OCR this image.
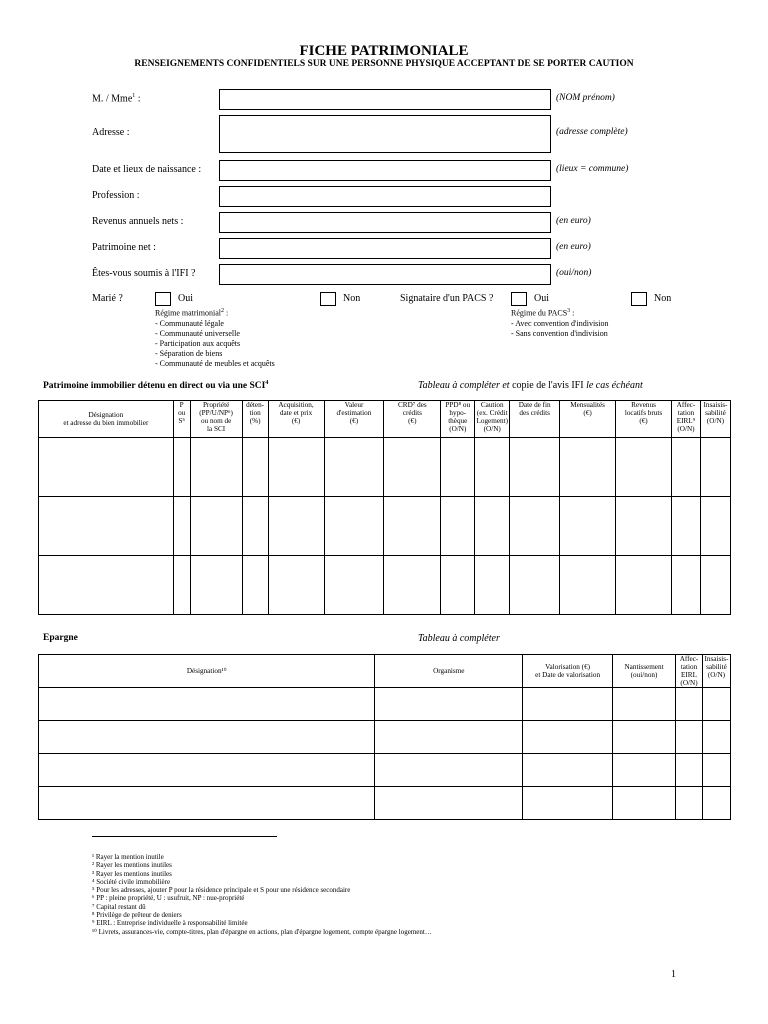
FICHE PATRIMONIALE
RENSEIGNEMENTS CONFIDENTIELS SUR UNE PERSONNE PHYSIQUE ACCEPTANT DE SE PORTER CAUTION
M. / Mme$^1$ :	(NOM prénom)
Adresse :	(adresse complète)
Date et lieux de naissance :	(lieux = commune)
Profession :
Revenus annuels nets :	(en euro)
Patrimoine net :	(en euro)
Êtes-vous soumis à l'IFI ?	(oui/non)
Marié ?	Oui	Non	Signataire d'un PACS ?	Oui	Non
Régime matrimonial$^2$ :
- Communauté légale
- Communauté universelle
- Participation aux acquêts
- Séparation de biens
- Communauté de meubles et acquêts
Régime du PACS$^3$ :
- Avec convention d'indivision
- Sans convention d'indivision
Patrimoine immobilier détenu en direct ou via une SCI$^4$	Tableau à compléter et copie de l'avis IFI le cas échéant
Désignation
et adresse du bien immobilier	P
ou
S⁵	Propriété
(PP/U/NP⁶)
ou nom de
la SCI	déten-
tion
(%)	Acquisition,
date et prix
(€)	Valeur
d'estimation
(€)	CRD⁷ des
crédits
(€)	PPD⁸ ou
hypo-
thèque
(O/N)	Caution
(ex. Crédit
Logement)
(O/N)	Date de fin
des crédits	Mensualités
(€)	Revenus
locatifs bruts
(€)	Affec-
tation
EIRL⁹
(O/N)	Insaisis-
sabilité
(O/N)

Epargne	Tableau à compléter
Désignation¹⁰	Organisme	Valorisation (€)
et Date de valorisation	Nantissement
(oui/non)	Affec-
tation
EIRL
(O/N)	Insaisis-
sabilité
(O/N)

¹ Rayer la mention inutile
² Rayer les mentions inutiles
³ Rayer les mentions inutiles
⁴ Société civile immobilière
⁵ Pour les adresses, ajouter P pour la résidence principale et S pour une résidence secondaire
⁶ PP : pleine propriété, U : usufruit, NP : nue-propriété
⁷ Capital restant dû
⁸ Privilège de prêteur de deniers
⁹ EIRL : Entreprise individuelle à responsabilité limitée
¹⁰ Livrets, assurances-vie, compte-titres, plan d'épargne en actions, plan d'épargne logement, compte épargne logement…
1
